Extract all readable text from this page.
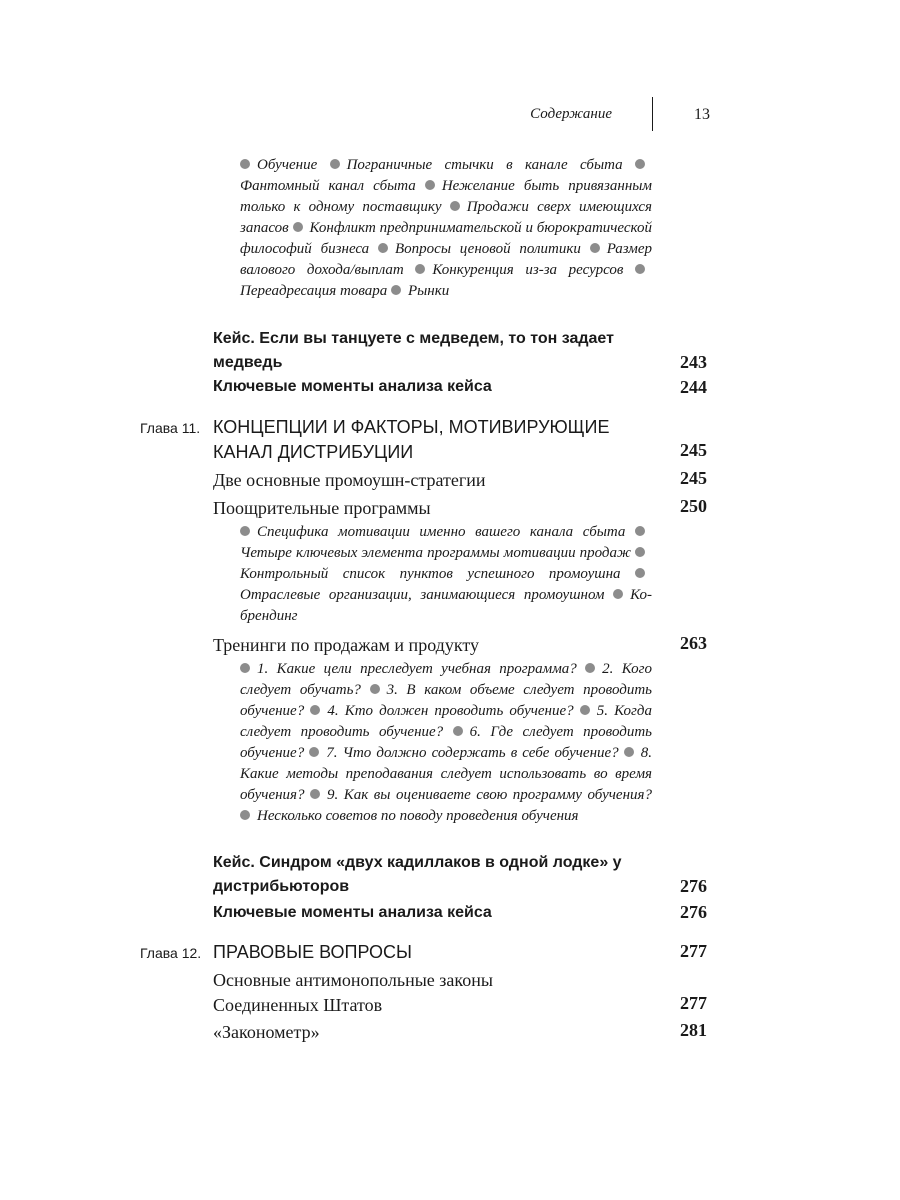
Содержание	13
Обучение Пограничные стычки в канале сбыта Фантомный канал сбыта Нежелание быть привязанным только к одному поставщику Продажи сверх имеющихся запасов Конфликт предпринимательской и бюрократической философий бизнеса Вопросы ценовой политики Размер валового дохода/выплат Конкуренция из-за ресурсов Переадресация товара Рынки
Кейс. Если вы танцуете с медведем, то тон задает медведь	243
Ключевые моменты анализа кейса	244
Глава 11. КОНЦЕПЦИИ И ФАКТОРЫ, МОТИВИРУЮЩИЕ КАНАЛ ДИСТРИБУЦИИ	245
Две основные промоушн-стратегии	245
Поощрительные программы	250
Специфика мотивации именно вашего канала сбыта Четыре ключевых элемента программы мотивации продаж Контрольный список пунктов успешного промоушна Отраслевые организации, занимающиеся промоушном Ко-брендинг
Тренинги по продажам и продукту	263
1. Какие цели преследует учебная программа? 2. Кого следует обучать? 3. В каком объеме следует проводить обучение? 4. Кто должен проводить обучение? 5. Когда следует проводить обучение? 6. Где следует проводить обучение? 7. Что должно содержать в себе обучение? 8. Какие методы преподавания следует использовать во время обучения? 9. Как вы оцениваете свою программу обучения? Несколько советов по поводу проведения обучения
Кейс. Синдром «двух кадиллаков в одной лодке» у дистрибьюторов	276
Ключевые моменты анализа кейса	276
Глава 12. ПРАВОВЫЕ ВОПРОСЫ	277
Основные антимонопольные законы Соединенных Штатов	277
«Законометр»	281
